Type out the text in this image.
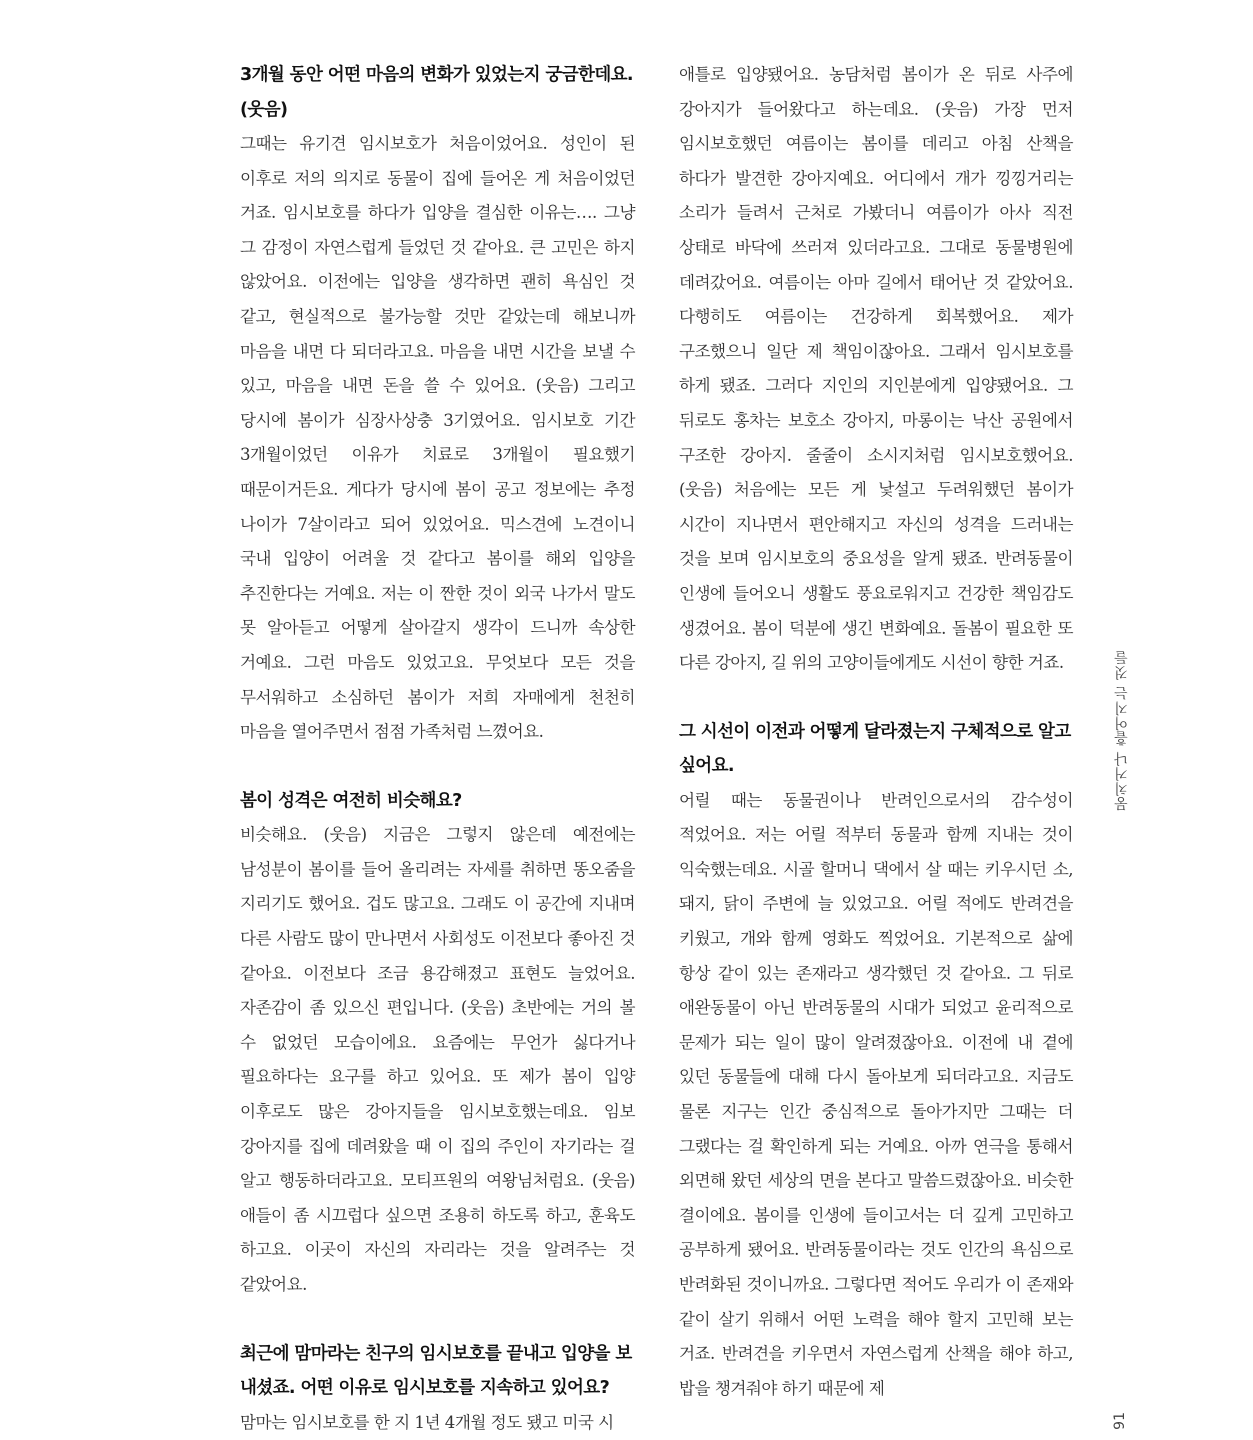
3개월 동안 어떤 마음의 변화가 있었는지 궁금한데요.

(웃음)

그때는 유기견 임시보호가 처음이었어요. 성인이 된 이후로 저의 의지로 동물이 집에 들어온 게 처음이었던 거죠. 임시보호를 하다가 입양을 결심한 이유는…. 그냥 그 감정이 자연스럽게 들었던 것 같아요. 큰 고민은 하지 않았어요. 이전에는 입양을 생각하면 괜히 욕심인 것 같고, 현실적으로 불가능할 것만 같았는데 해보니까 마음을 내면 다 되더라고요. 마음을 내면 시간을 보낼 수 있고, 마음을 내면 돈을 쓸 수 있어요. (웃음) 그리고 당시에 봄이가 심장사상충 3기였어요. 임시보호 기간 3개월이었던 이유가 치료로 3개월이 필요했기 때문이거든요. 게다가 당시에 봄이 공고 정보에는 추정 나이가 7살이라고 되어 있었어요. 믹스견에 노견이니 국내 입양이 어려울 것 같다고 봄이를 해외 입양을 추진한다는 거예요. 저는 이 짠한 것이 외국 나가서 말도 못 알아듣고 어떻게 살아갈지 생각이 드니까 속상한 거예요. 그런 마음도 있었고요. 무엇보다 모든 것을 무서워하고 소심하던 봄이가 저희 자매에게 천천히 마음을 열어주면서 점점 가족처럼 느꼈어요.

봄이 성격은 여전히 비슷해요?

비슷해요. (웃음) 지금은 그렇지 않은데 예전에는 남성분이 봄이를 들어 올리려는 자세를 취하면 똥오줌을 지리기도 했어요. 겁도 많고요. 그래도 이 공간에 지내며 다른 사람도 많이 만나면서 사회성도 이전보다 좋아진 것 같아요. 이전보다 조금 용감해졌고 표현도 늘었어요. 자존감이 좀 있으신 편입니다. (웃음) 초반에는 거의 볼 수 없었던 모습이에요. 요즘에는 무언가 싫다거나 필요하다는 요구를 하고 있어요. 또 제가 봄이 입양 이후로도 많은 강아지들을 임시보호했는데요. 임보 강아지를 집에 데려왔을 때 이 집의 주인이 자기라는 걸 알고 행동하더라고요. 모티프원의 여왕님처럼요. (웃음) 애들이 좀 시끄럽다 싶으면 조용히 하도록 하고, 훈육도 하고요. 이곳이 자신의 자리라는 것을 알려주는 것 같았어요.

최근에 맘마라는 친구의 임시보호를 끝내고 입양을 보내셨죠. 어떤 이유로 임시보호를 지속하고 있어요?

맘마는 임시보호를 한 지 1년 4개월 정도 됐고 미국 시

애틀로 입양됐어요. 농담처럼 봄이가 온 뒤로 사주에 강아지가 들어왔다고 하는데요. (웃음) 가장 먼저 임시보호했던 여름이는 봄이를 데리고 아침 산책을 하다가 발견한 강아지예요. 어디에서 개가 낑낑거리는 소리가 들려서 근처로 가봤더니 여름이가 아사 직전 상태로 바닥에 쓰러져 있더라고요. 그대로 동물병원에 데려갔어요. 여름이는 아마 길에서 태어난 것 같았어요. 다행히도 여름이는 건강하게 회복했어요. 제가 구조했으니 일단 제 책임이잖아요. 그래서 임시보호를 하게 됐죠. 그러다 지인의 지인분에게 입양됐어요. 그 뒤로도 홍차는 보호소 강아지, 마롱이는 낙산 공원에서 구조한 강아지. 줄줄이 소시지처럼 임시보호했어요. (웃음) 처음에는 모든 게 낯설고 두려워했던 봄이가 시간이 지나면서 편안해지고 자신의 성격을 드러내는 것을 보며 임시보호의 중요성을 알게 됐죠. 반려동물이 인생에 들어오니 생활도 풍요로워지고 건강한 책임감도 생겼어요. 봄이 덕분에 생긴 변화예요. 돌봄이 필요한 또 다른 강아지, 길 위의 고양이들에게도 시선이 향한 거죠.

그 시선이 이전과 어떻게 달라졌는지 구체적으로 알고 싶어요.

어릴 때는 동물권이나 반려인으로서의 감수성이 적었어요. 저는 어릴 적부터 동물과 함께 지내는 것이 익숙했는데요. 시골 할머니 댁에서 살 때는 키우시던 소, 돼지, 닭이 주변에 늘 있었고요. 어릴 적에도 반려견을 키웠고, 개와 함께 영화도 찍었어요. 기본적으로 삶에 항상 같이 있는 존재라고 생각했던 것 같아요. 그 뒤로 애완동물이 아닌 반려동물의 시대가 되었고 윤리적으로 문제가 되는 일이 많이 알려졌잖아요. 이전에 내 곁에 있던 동물들에 대해 다시 돌아보게 되더라고요. 지금도 물론 지구는 인간 중심적으로 돌아가지만 그때는 더 그랬다는 걸 확인하게 되는 거예요. 아까 연극을 통해서 외면해 왔던 세상의 면을 본다고 말씀드렸잖아요. 비슷한 결이에요. 봄이를 인생에 들이고서는 더 깊게 고민하고 공부하게 됐어요. 반려동물이라는 것도 인간의 욕심으로 반려화된 것이니까요. 그렇다면 적어도 우리가 이 존재와 같이 살기 위해서 어떤 노력을 해야 할지 고민해 보는 거죠. 반려견을 키우면서 자연스럽게 산책을 해야 하고, 밥을 챙겨줘야 하기 때문에 제

뭉치거나 흩어지는 것들
91
